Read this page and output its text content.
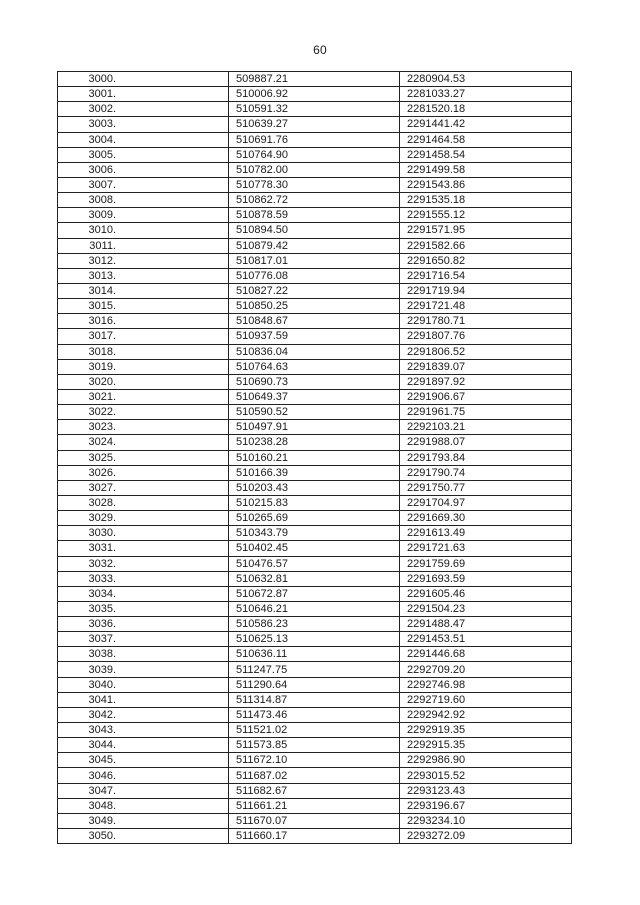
60
3000.	509887.21	2280904.53
3001.	510006.92	2281033.27
3002.	510591.32	2281520.18
3003.	510639.27	2291441.42
3004.	510691.76	2291464.58
3005.	510764.90	2291458.54
3006.	510782.00	2291499.58
3007.	510778.30	2291543.86
3008.	510862.72	2291535.18
3009.	510878.59	2291555.12
3010.	510894.50	2291571.95
3011.	510879.42	2291582.66
3012.	510817.01	2291650.82
3013.	510776.08	2291716.54
3014.	510827.22	2291719.94
3015.	510850.25	2291721.48
3016.	510848.67	2291780.71
3017.	510937.59	2291807.76
3018.	510836.04	2291806.52
3019.	510764.63	2291839.07
3020.	510690.73	2291897.92
3021.	510649.37	2291906.67
3022.	510590.52	2291961.75
3023.	510497.91	2292103.21
3024.	510238.28	2291988.07
3025.	510160.21	2291793.84
3026.	510166.39	2291790.74
3027.	510203.43	2291750.77
3028.	510215.83	2291704.97
3029.	510265.69	2291669.30
3030.	510343.79	2291613.49
3031.	510402.45	2291721.63
3032.	510476.57	2291759.69
3033.	510632.81	2291693.59
3034.	510672.87	2291605.46
3035.	510646.21	2291504.23
3036.	510586.23	2291488.47
3037.	510625.13	2291453.51
3038.	510636.11	2291446.68
3039.	511247.75	2292709.20
3040.	511290.64	2292746.98
3041.	511314.87	2292719.60
3042.	511473.46	2292942.92
3043.	511521.02	2292919.35
3044.	511573.85	2292915.35
3045.	511672.10	2292986.90
3046.	511687.02	2293015.52
3047.	511682.67	2293123.43
3048.	511661.21	2293196.67
3049.	511670.07	2293234.10
3050.	511660.17	2293272.09
